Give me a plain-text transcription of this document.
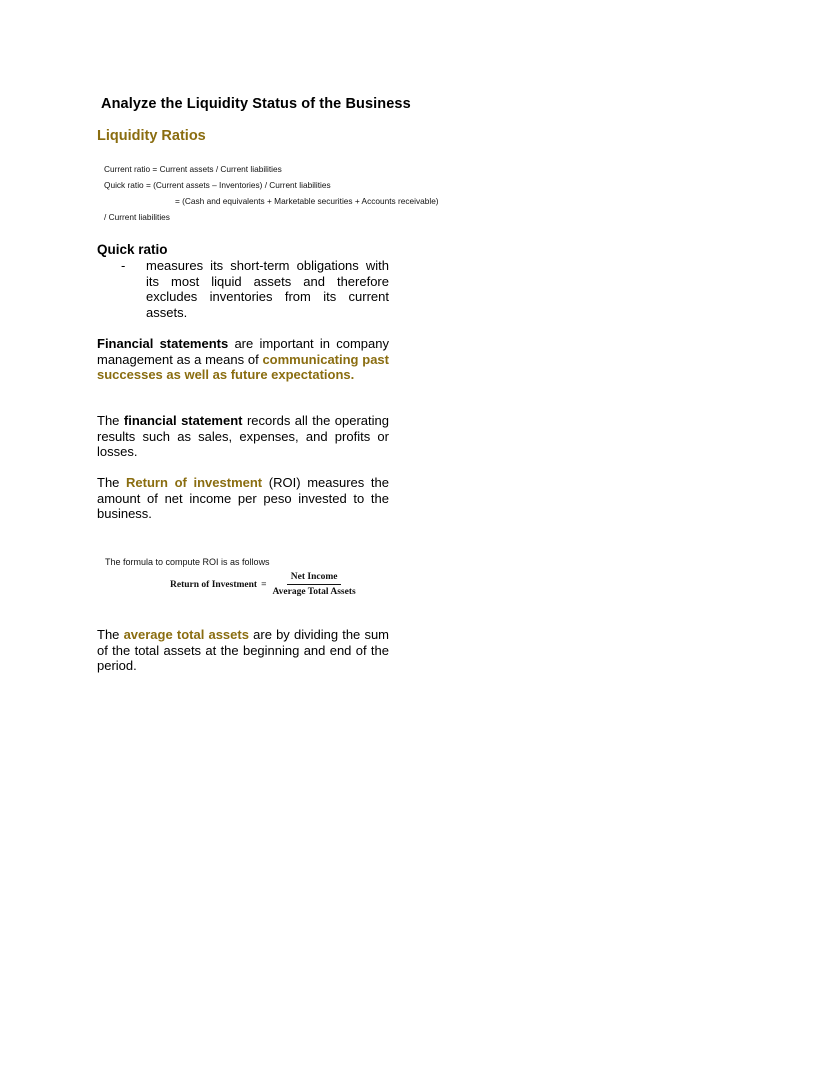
Analyze the Liquidity Status of the Business
Liquidity Ratios
Current ratio = Current assets / Current liabilities
Quick ratio = (Current assets – Inventories) / Current liabilities
= (Cash and equivalents + Marketable securities + Accounts receivable)
/ Current liabilities
Quick ratio
- measures its short-term obligations with its most liquid assets and therefore excludes inventories from its current assets.
Financial statements are important in company management as a means of communicating past successes as well as future expectations.
The financial statement records all the operating results such as sales, expenses, and profits or losses.
The Return of investment (ROI) measures the amount of net income per peso invested to the business.
The formula to compute ROI is as follows
Return of Investment = $\frac{\text{Net Income}}{\text{Average Total Assets}}$
The average total assets are by dividing the sum of the total assets at the beginning and end of the period.
